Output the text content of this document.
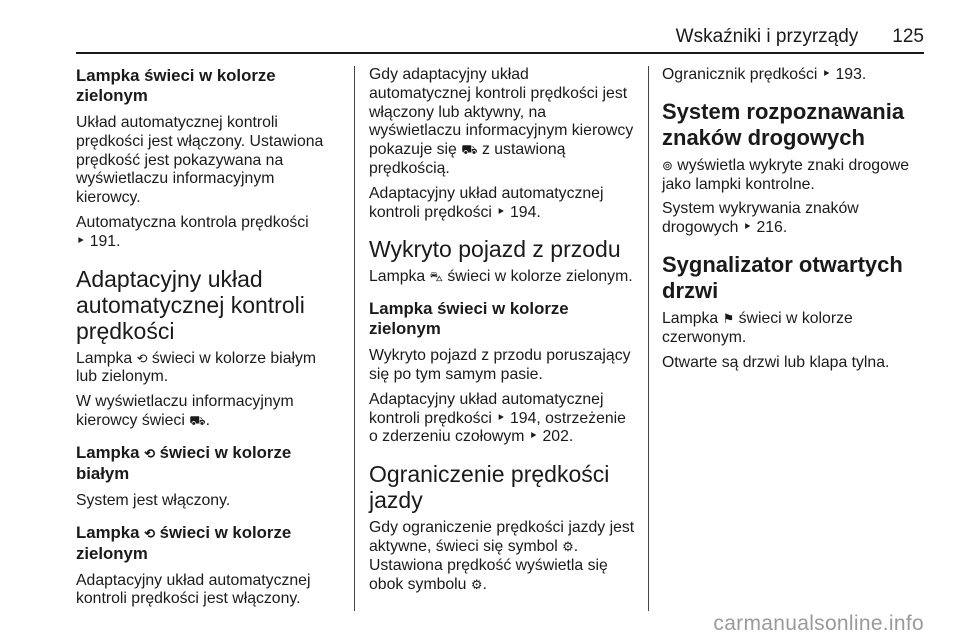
Wskaźniki i przyrządy 125
Lampka świeci w kolorze zielonym

Układ automatycznej kontroli prędkości jest włączony. Ustawiona prędkość jest pokazywana na wyświetlaczu informacyjnym kierowcy.

Automatyczna kontrola prędkości
‣ 191.

Adaptacyjny układ automatycznej kontroli prędkości

Lampka ⟲ świeci w kolorze białym lub zielonym.

W wyświetlaczu informacyjnym kierowcy świeci ⛟.

Lampka ⟲ świeci w kolorze białym

System jest włączony.

Lampka ⟲ świeci w kolorze zielonym

Adaptacyjny układ automatycznej kontroli prędkości jest włączony.

Gdy adaptacyjny układ automatycznej kontroli prędkości jest włączony lub aktywny, na wyświetlaczu informacyjnym kierowcy pokazuje się ⛟ z ustawioną prędkością.

Adaptacyjny układ automatycznej kontroli prędkości ‣ 194.

Wykryto pojazd z przodu

Lampka ⛍ świeci w kolorze zielonym.

Lampka świeci w kolorze zielonym

Wykryto pojazd z przodu poruszający się po tym samym pasie.

Adaptacyjny układ automatycznej kontroli prędkości ‣ 194, ostrzeżenie o zderzeniu czołowym ‣ 202.

Ograniczenie prędkości jazdy

Gdy ograniczenie prędkości jazdy jest aktywne, świeci się symbol ⚙. Ustawiona prędkość wyświetla się obok symbolu ⚙.

Ogranicznik prędkości ‣ 193.

System rozpoznawania znaków drogowych

⊚ wyświetla wykryte znaki drogowe jako lampki kontrolne.

System wykrywania znaków drogowych ‣ 216.

Sygnalizator otwartych drzwi

Lampka ⚑ świeci w kolorze czerwonym.

Otwarte są drzwi lub klapa tylna.

carmanualsonline.info
